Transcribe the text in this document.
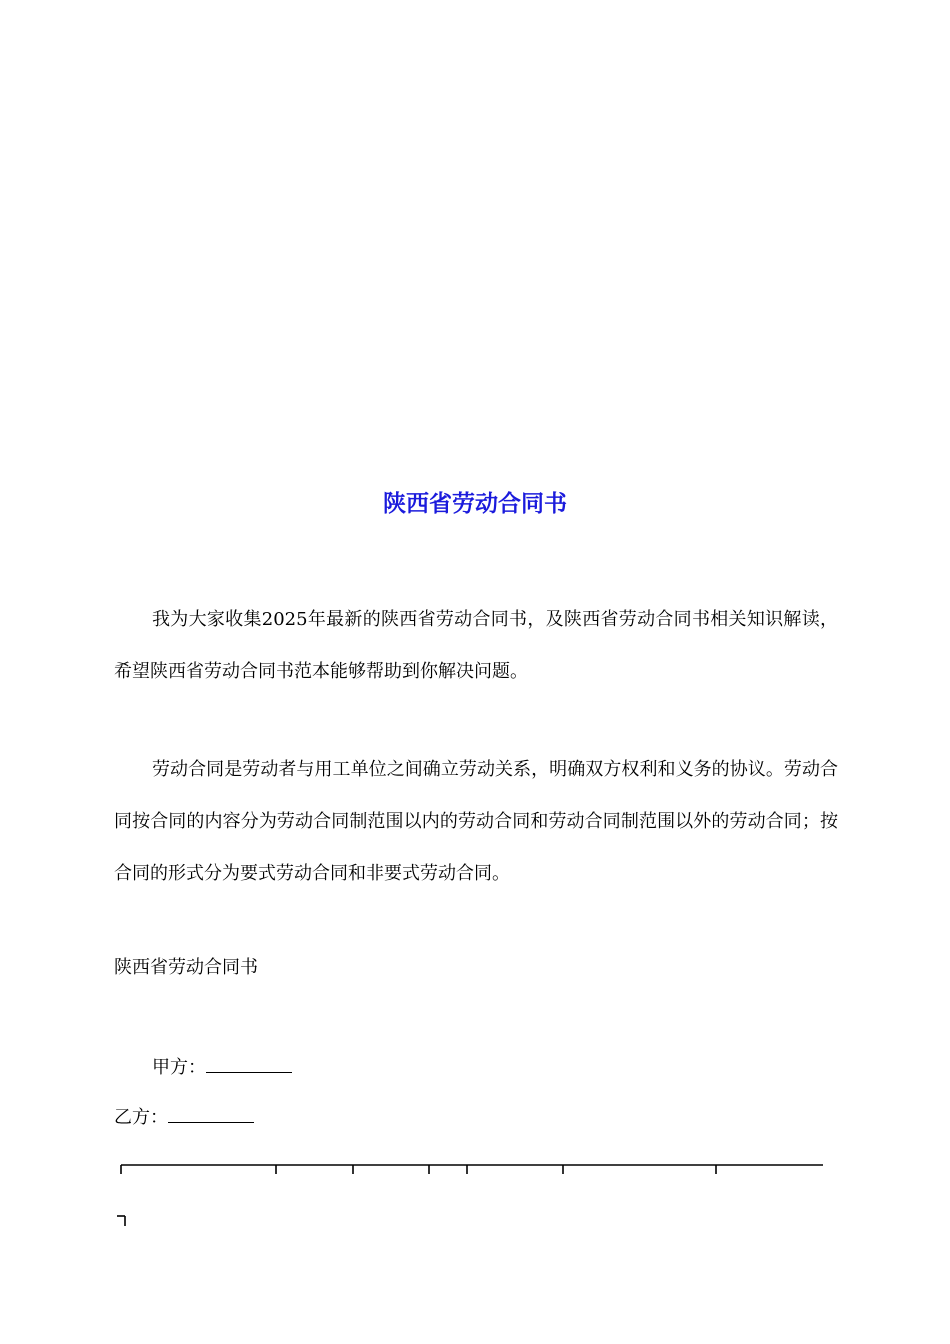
陕西省劳动合同书

我为大家收集2025年最新的陕西省劳动合同书，及陕西省劳动合同书相关知识解读，希望陕西省劳动合同书范本能够帮助到你解决问题。

劳动合同是劳动者与用工单位之间确立劳动关系，明确双方权利和义务的协议。劳动合同按合同的内容分为劳动合同制范围以内的劳动合同和劳动合同制范围以外的劳动合同；按合同的形式分为要式劳动合同和非要式劳动合同。

陕西省劳动合同书

甲方：

乙方：
